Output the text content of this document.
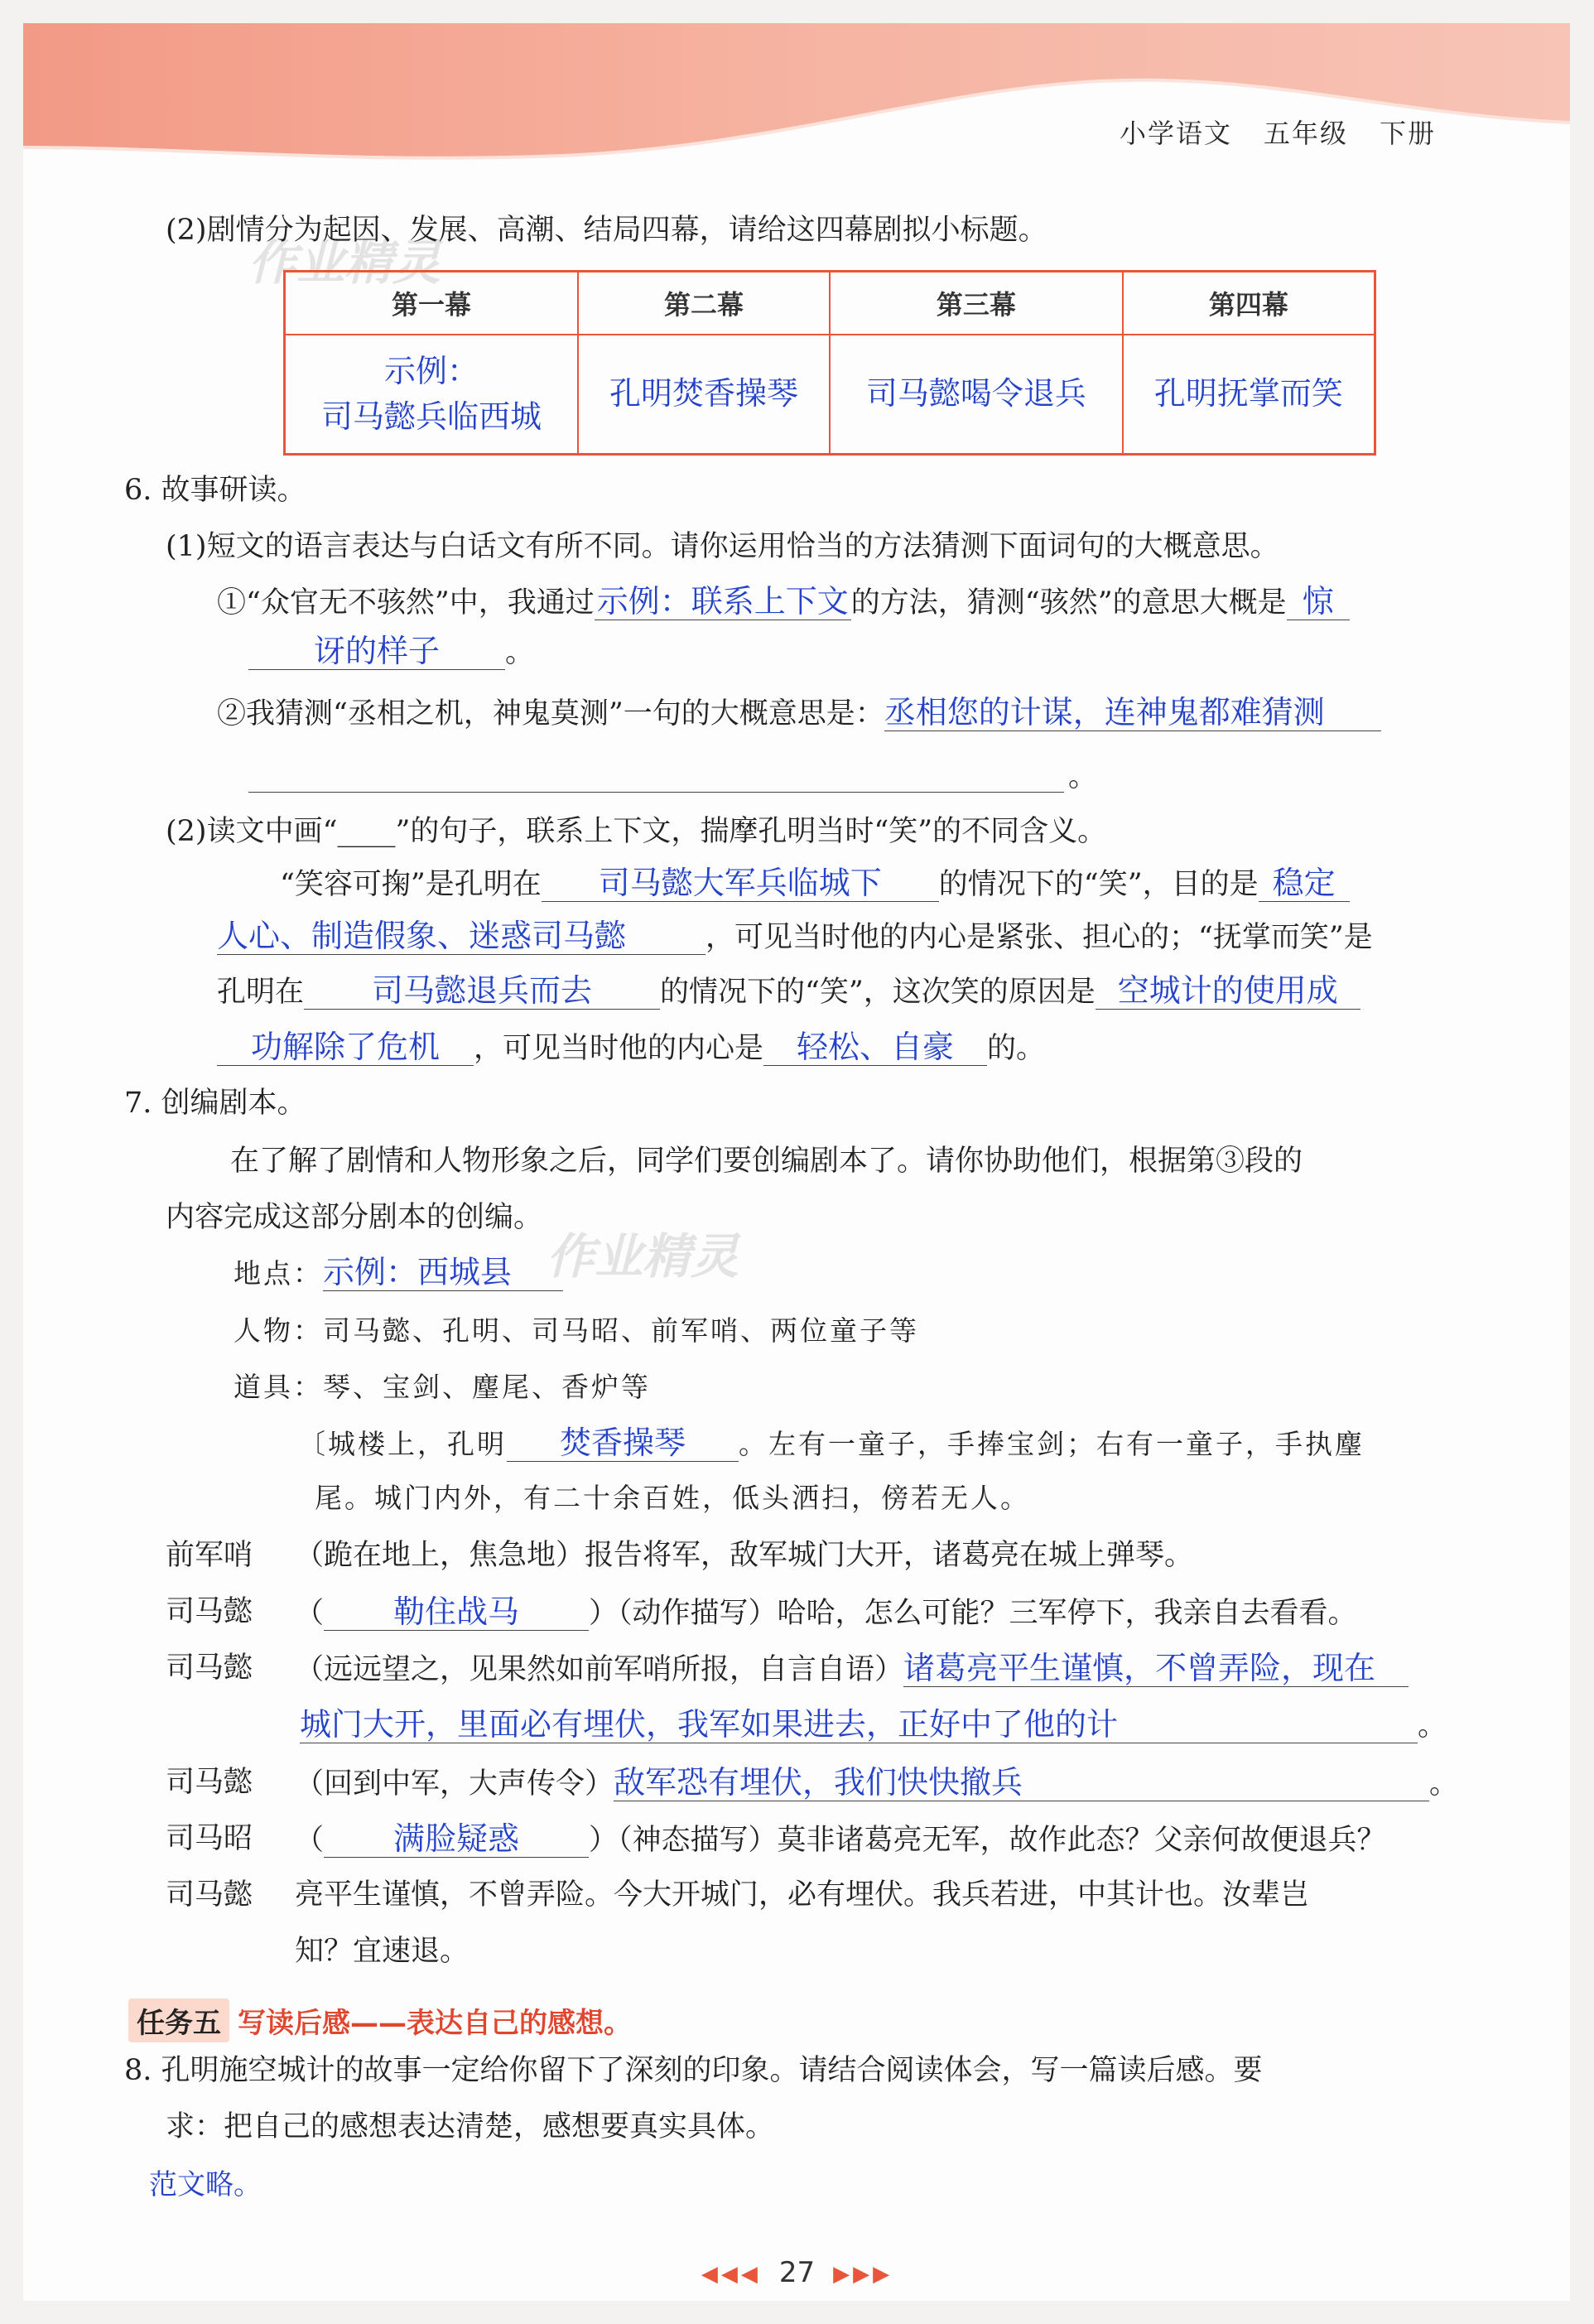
小学语文 五年级 下册
作业精灵
作业精灵
(2)剧情分为起因、发展、高潮、结局四幕，请给这四幕剧拟小标题。
第一幕	第二幕	第三幕	第四幕
示例：
司马懿兵临西城	孔明焚香操琴	司马懿喝令退兵	孔明抚掌而笑
6. 故事研读。
(1)短文的语言表达与白话文有所不同。请你运用恰当的方法猜测下面词句的大概意思。
①“众官无不骇然”中，我通过示例：联系上下文的方法，猜测“骇然”的意思大概是 惊
讶的样子 。
②我猜测“丞相之机，神鬼莫测”一句的大概意思是：丞相您的计谋，连神鬼都难猜测
。
(2)读文中画“____”的句子，联系上下文，揣摩孔明当时“笑”的不同含义。
“笑容可掬”是孔明在 司马懿大军兵临城下 的情况下的“笑”，目的是 稳定
人心、制造假象、迷惑司马懿	，可见当时他的内心是紧张、担心的；“抚掌而笑”是
孔明在 司马懿退兵而去 的情况下的“笑”，这次笑的原因是 空城计的使用成
功解除了危机 ，可见当时他的内心是 轻松、自豪 的。
7. 创编剧本。
在了解了剧情和人物形象之后，同学们要创编剧本了。请你协助他们，根据第③段的
内容完成这部分剧本的创编。
地点：示例：西城县
人物：司马懿、孔明、司马昭、前军哨、两位童子等
道具：琴、宝剑、麈尾、香炉等
〔城楼上，孔明 焚香操琴 。左有一童子，手捧宝剑；右有一童子，手执麈
尾。城门内外，有二十余百姓，低头洒扫，傍若无人。
前军哨 （跪在地上，焦急地）报告将军，敌军城门大开，诸葛亮在城上弹琴。
司马懿 （ 勒住战马 ）（动作描写）哈哈，怎么可能？三军停下，我亲自去看看。
司马懿 （远远望之，见果然如前军哨所报，自言自语）诸葛亮平生谨慎，不曾弄险，现在
城门大开，里面必有埋伏，我军如果进去，正好中了他的计	。
司马懿 （回到中军，大声传令）敌军恐有埋伏，我们快快撤兵	。
司马昭 （ 满脸疑惑 ）（神态描写）莫非诸葛亮无军，故作此态？父亲何故便退兵？
司马懿 亮平生谨慎，不曾弄险。今大开城门，必有埋伏。我兵若进，中其计也。汝辈岂
知？宜速退。
任务五 写读后感——表达自己的感想。
8. 孔明施空城计的故事一定给你留下了深刻的印象。请结合阅读体会，写一篇读后感。要
求：把自己的感想表达清楚，感想要真实具体。
范文略。
◀◀◀ 27 ▶▶▶
